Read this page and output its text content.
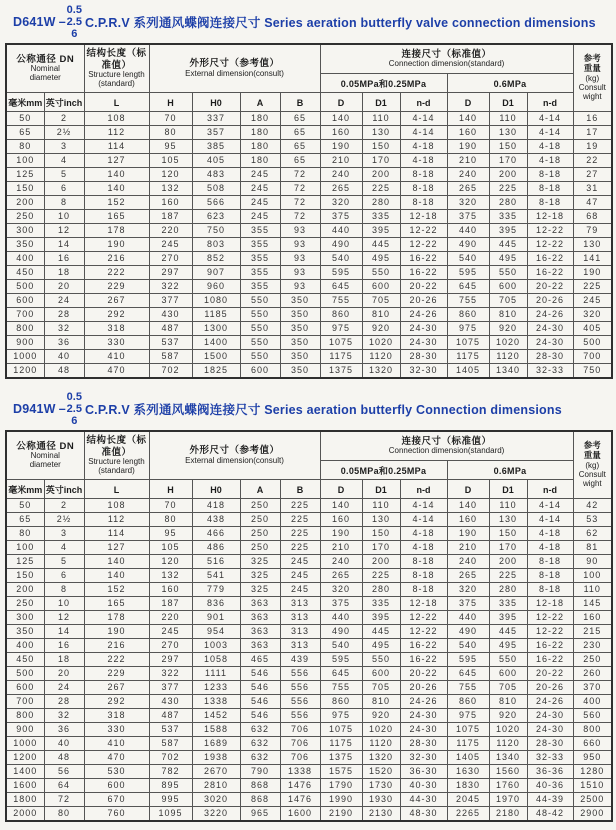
D641W –
0.5
2.5
6
C.P.R.V 系列通风蝶阀连接尺寸 Series aeration butterfly valve connection dimensions
公称通径 DN
Nominal
diameter		结构长度（标准值）
Structure length
(standard)	外形尺寸（参考值）
External dimension(consult)				连接尺寸（标准值）
Connection dimension(standard)						参考
重量
(kg)
Consult
wight

							0.05MPa和0.25MPa			0.6MPa			
毫米mm	英寸inch	L	H	H0	A	B	D	D1	n-d	D	D1	n-d	
50	2	108	70	337	180	65	140	110	4-14	140	110	4-14	16
65	2½	112	80	357	180	65	160	130	4-14	160	130	4-14	17
80	3	114	95	385	180	65	190	150	4-18	190	150	4-18	19
100	4	127	105	405	180	65	210	170	4-18	210	170	4-18	22
125	5	140	120	483	245	72	240	200	8-18	240	200	8-18	27
150	6	140	132	508	245	72	265	225	8-18	265	225	8-18	31
200	8	152	160	566	245	72	320	280	8-18	320	280	8-18	47
250	10	165	187	623	245	72	375	335	12-18	375	335	12-18	68
300	12	178	220	750	355	93	440	395	12-22	440	395	12-22	79
350	14	190	245	803	355	93	490	445	12-22	490	445	12-22	130
400	16	216	270	852	355	93	540	495	16-22	540	495	16-22	141
450	18	222	297	907	355	93	595	550	16-22	595	550	16-22	190
500	20	229	322	960	355	93	645	600	20-22	645	600	20-22	225
600	24	267	377	1080	550	350	755	705	20-26	755	705	20-26	245
700	28	292	430	1185	550	350	860	810	24-26	860	810	24-26	320
800	32	318	487	1300	550	350	975	920	24-30	975	920	24-30	405
900	36	330	537	1400	550	350	1075	1020	24-30	1075	1020	24-30	500
1000	40	410	587	1500	550	350	1175	1120	28-30	1175	1120	28-30	700
1200	48	470	702	1825	600	350	1375	1320	32-30	1405	1340	32-33	750
D941W –
0.5
2.5
6
C.P.R.V 系列通风蝶阀连接尺寸 Series aeration butterfly Connection dimensions
公称通径 DN
Nominal
diameter		结构长度（标准值）
Structure length
(standard)	外形尺寸（参考值）
External dimension(consult)				连接尺寸（标准值）
Connection dimension(standard)						参考
重量
(kg)
Consult
wight

							0.05MPa和0.25MPa			0.6MPa			
毫米mm	英寸inch	L	H	H0	A	B	D	D1	n-d	D	D1	n-d	
50	2	108	70	418	250	225	140	110	4-14	140	110	4-14	42
65	2½	112	80	438	250	225	160	130	4-14	160	130	4-14	53
80	3	114	95	466	250	225	190	150	4-18	190	150	4-18	62
100	4	127	105	486	250	225	210	170	4-18	210	170	4-18	81
125	5	140	120	516	325	245	240	200	8-18	240	200	8-18	90
150	6	140	132	541	325	245	265	225	8-18	265	225	8-18	100
200	8	152	160	779	325	245	320	280	8-18	320	280	8-18	110
250	10	165	187	836	363	313	375	335	12-18	375	335	12-18	145
300	12	178	220	901	363	313	440	395	12-22	440	395	12-22	160
350	14	190	245	954	363	313	490	445	12-22	490	445	12-22	215
400	16	216	270	1003	363	313	540	495	16-22	540	495	16-22	230
450	18	222	297	1058	465	439	595	550	16-22	595	550	16-22	250
500	20	229	322	1111	546	556	645	600	20-22	645	600	20-22	260
600	24	267	377	1233	546	556	755	705	20-26	755	705	20-26	370
700	28	292	430	1338	546	556	860	810	24-26	860	810	24-26	400
800	32	318	487	1452	546	556	975	920	24-30	975	920	24-30	560
900	36	330	537	1588	632	706	1075	1020	24-30	1075	1020	24-30	800
1000	40	410	587	1689	632	706	1175	1120	28-30	1175	1120	28-30	660
1200	48	470	702	1938	632	706	1375	1320	32-30	1405	1340	32-33	950
1400	56	530	782	2670	790	1338	1575	1520	36-30	1630	1560	36-36	1280
1600	64	600	895	2810	868	1476	1790	1730	40-30	1830	1760	40-36	1510
1800	72	670	995	3020	868	1476	1990	1930	44-30	2045	1970	44-39	2500
2000	80	760	1095	3220	965	1600	2190	2130	48-30	2265	2180	48-42	2900
